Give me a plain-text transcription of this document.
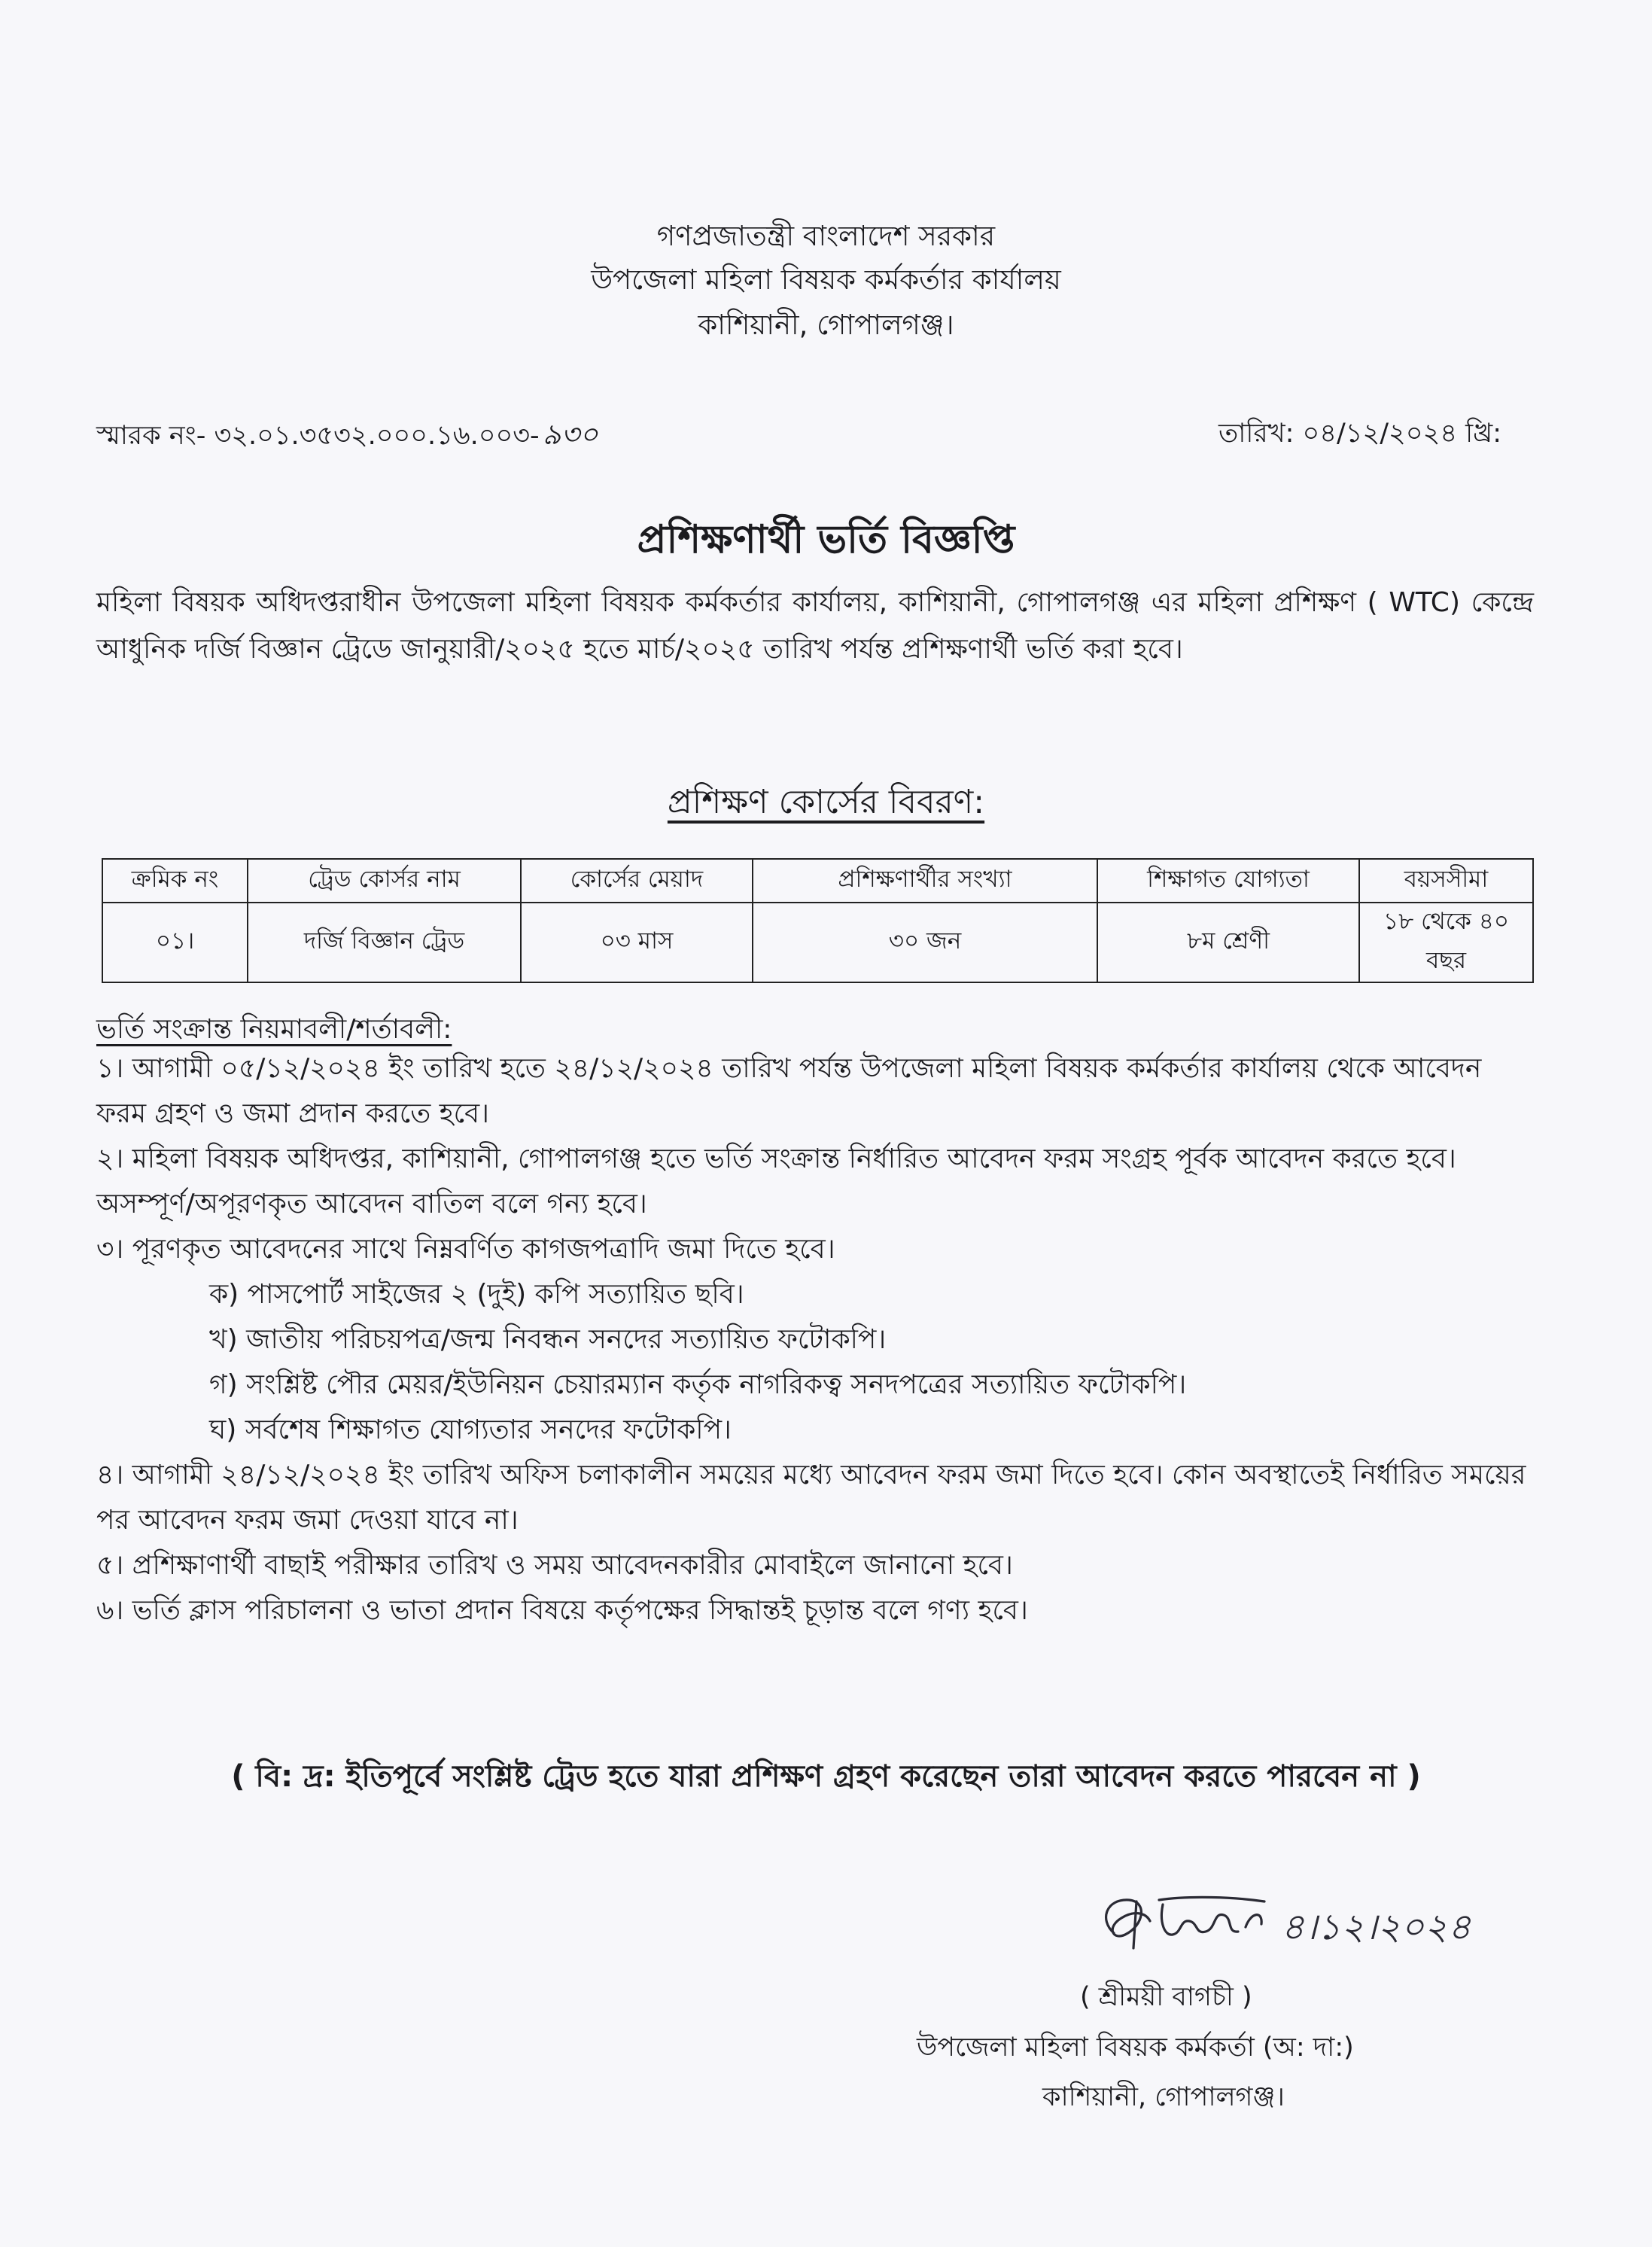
গণপ্রজাতন্ত্রী বাংলাদেশ সরকার
উপজেলা মহিলা বিষয়ক কর্মকর্তার কার্যালয়
কাশিয়ানী, গোপালগঞ্জ।
স্মারক নং- ৩২.০১.৩৫৩২.০০০.১৬.০০৩- ৯৩০	তারিখ: ০৪/১২/২০২৪ খ্রি:
প্রশিক্ষণার্থী ভর্তি বিজ্ঞপ্তি
মহিলা বিষয়ক অধিদপ্তরাধীন উপজেলা মহিলা বিষয়ক কর্মকর্তার কার্যালয়, কাশিয়ানী, গোপালগঞ্জ এর মহিলা প্রশিক্ষণ ( WTC) কেন্দ্রে আধুনিক দর্জি বিজ্ঞান ট্রেডে জানুয়ারী/২০২৫ হতে মার্চ/২০২৫ তারিখ পর্যন্ত প্রশিক্ষণার্থী ভর্তি করা হবে।
প্রশিক্ষণ কোর্সের বিবরণ:
ক্রমিক নং	ট্রেড কোর্সর নাম	কোর্সের মেয়াদ	প্রশিক্ষণার্থীর সংখ্যা	শিক্ষাগত যোগ্যতা	বয়সসীমা
০১।	দর্জি বিজ্ঞান ট্রেড	০৩ মাস	৩০ জন	৮ম শ্রেণী	১৮ থেকে ৪০ বছর
ভর্তি সংক্রান্ত নিয়মাবলী/শর্তাবলী:

১। আগামী ০৫/১২/২০২৪ ইং তারিখ হতে ২৪/১২/২০২৪ তারিখ পর্যন্ত উপজেলা মহিলা বিষয়ক কর্মকর্তার কার্যালয় থেকে আবেদন ফরম গ্রহণ ও জমা প্রদান করতে হবে।

২। মহিলা বিষয়ক অধিদপ্তর, কাশিয়ানী, গোপালগঞ্জ হতে ভর্তি সংক্রান্ত নির্ধারিত আবেদন ফরম সংগ্রহ পূর্বক আবেদন করতে হবে। অসম্পূর্ণ/অপূরণকৃত আবেদন বাতিল বলে গন্য হবে।

৩। পূরণকৃত আবেদনের সাথে নিম্নবর্ণিত কাগজপত্রাদি জমা দিতে হবে।

ক) পাসপোর্ট সাইজের ২ (দুই) কপি সত্যায়িত ছবি।

খ) জাতীয় পরিচয়পত্র/জন্ম নিবন্ধন সনদের সত্যায়িত ফটোকপি।

গ) সংশ্লিষ্ট পৌর মেয়র/ইউনিয়ন চেয়ারম্যান কর্তৃক নাগরিকত্ব সনদপত্রের সত্যায়িত ফটোকপি।

ঘ) সর্বশেষ শিক্ষাগত যোগ্যতার সনদের ফটোকপি।

৪। আগামী ২৪/১২/২০২৪ ইং তারিখ অফিস চলাকালীন সময়ের মধ্যে আবেদন ফরম জমা দিতে হবে। কোন অবস্থাতেই নির্ধারিত সময়ের পর আবেদন ফরম জমা দেওয়া যাবে না।

৫। প্রশিক্ষাণার্থী বাছাই পরীক্ষার তারিখ ও সময় আবেদনকারীর মোবাইলে জানানো হবে।

৬। ভর্তি ক্লাস পরিচালনা ও ভাতা প্রদান বিষয়ে কর্তৃপক্ষের সিদ্ধান্তই চূড়ান্ত বলে গণ্য হবে।

( বি: দ্র: ইতিপূর্বে সংশ্লিষ্ট ট্রেড হতে যারা প্রশিক্ষণ গ্রহণ করেছেন তারা আবেদন করতে পারবেন না )
৪।১২।২০২৪
( শ্রীময়ী বাগচী )
উপজেলা মহিলা বিষয়ক কর্মকর্তা (অ: দা:)
কাশিয়ানী, গোপালগঞ্জ।
